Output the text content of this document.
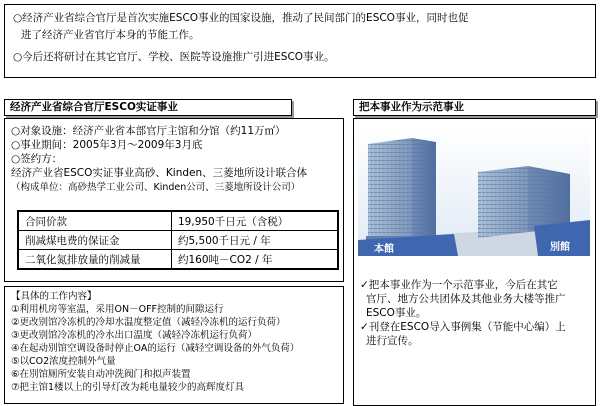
○经济产业省综合官厅是首次实施ESCO事业的国家设施，推动了民间部门的ESCO事业，同时也促
进了经济产业省官厅本身的节能工作。
○今后还将研讨在其它官厅、学校、医院等设施推广引进ESCO事业。
经济产业省综合官厅ESCO实证事业
○对象设施：经济产业省本部官厅主馆和分馆（约11万㎡）
○事业期间：2005年3月～2009年3月底
○签约方：
经济产业省ESCO实证事业高砂、Kinden、三菱地所设计联合体
（构成单位：高砂热学工业公司、Kinden公司、三菱地所设计公司）
合同价款	19,950千日元（含税）
削减煤电费的保证金	约5,500千日元 / 年
二氧化氮排放量的削减量	约160吨－CO2 / 年
【具体的工作内容】
①利用机房等室温，采用ON－OFF控制的间隙运行
②更改别馆冷冻机的冷却水温度整定值（减轻冷冻机的运行负荷）
③更改别馆冷冻机的冷水出口温度（减轻冷冻机运行负荷）
④在起动别馆空调设备时停止OA的运行（减轻空调设备的外气负荷）
⑤以CO2浓度控制外气量
⑥在別馆厕所安装自动冲洗阀门和拟声装置
⑦把主馆1楼以上的引导灯改为耗电量较少的高辉度灯具
把本事业作为示范事业
本館	別館
✓把本事业作为一个示范事业，今后在其它
官厅、地方公共团体及其他业务大楼等推广
ESCO事业。
✓刊登在ESCO导入事例集（节能中心编）上
进行宣传。
